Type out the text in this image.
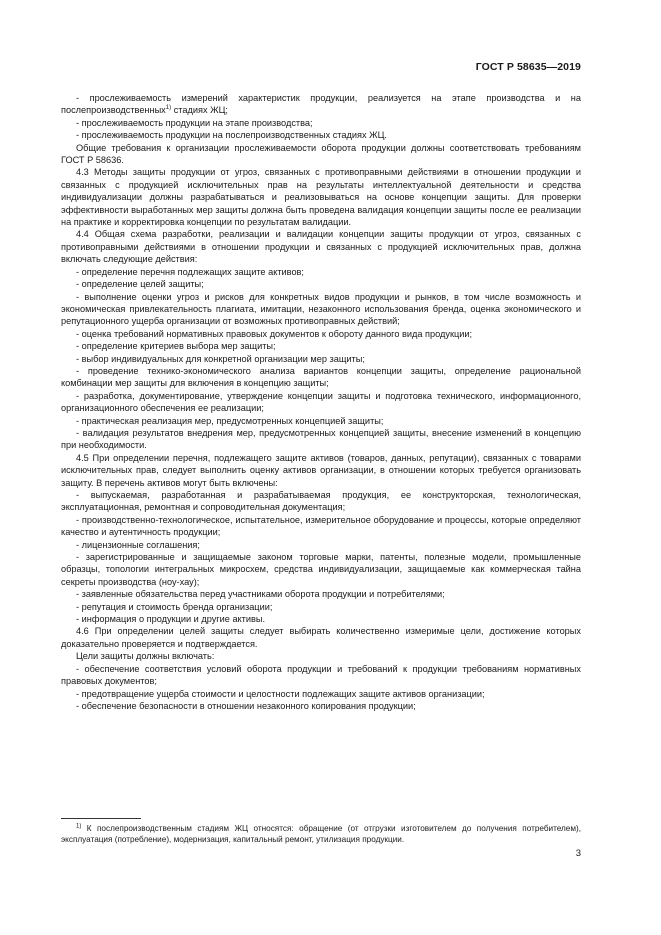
ГОСТ Р 58635—2019

- прослеживаемость измерений характеристик продукции, реализуется на этапе производства и на послепроизводственных$^{1)}$ стадиях ЖЦ;

- прослеживаемость продукции на этапе производства;

- прослеживаемость продукции на послепроизводственных стадиях ЖЦ.

Общие требования к организации прослеживаемости оборота продукции должны соответствовать требованиям ГОСТ Р 58636.

4.3 Методы защиты продукции от угроз, связанных с противоправными действиями в отношении продукции и связанных с продукцией исключительных прав на результаты интеллектуальной деятельности и средства индивидуализации должны разрабатываться и реализовываться на основе концепции защиты. Для проверки эффективности выработанных мер защиты должна быть проведена валидация концепции защиты после ее реализации на практике и корректировка концепции по результатам валидации.

4.4 Общая схема разработки, реализации и валидации концепции защиты продукции от угроз, связанных с противоправными действиями в отношении продукции и связанных с продукцией исключительных прав, должна включать следующие действия:

- определение перечня подлежащих защите активов;

- определение целей защиты;

- выполнение оценки угроз и рисков для конкретных видов продукции и рынков, в том числе возможность и экономическая привлекательность плагиата, имитации, незаконного использования бренда, оценка экономического и репутационного ущерба организации от возможных противоправных действий;

- оценка требований нормативных правовых документов к обороту данного вида продукции;

- определение критериев выбора мер защиты;

- выбор индивидуальных для конкретной организации мер защиты;

- проведение технико-экономического анализа вариантов концепции защиты, определение рациональной комбинации мер защиты для включения в концепцию защиты;

- разработка, документирование, утверждение концепции защиты и подготовка технического, информационного, организационного обеспечения ее реализации;

- практическая реализация мер, предусмотренных концепцией защиты;

- валидация результатов внедрения мер, предусмотренных концепцией защиты, внесение изменений в концепцию при необходимости.

4.5 При определении перечня, подлежащего защите активов (товаров, данных, репутации), связанных с товарами исключительных прав, следует выполнить оценку активов организации, в отношении которых требуется организовать защиту. В перечень активов могут быть включены:

- выпускаемая, разработанная и разрабатываемая продукция, ее конструкторская, технологическая, эксплуатационная, ремонтная и сопроводительная документация;

- производственно-технологическое, испытательное, измерительное оборудование и процессы, которые определяют качество и аутентичность продукции;

- лицензионные соглашения;

- зарегистрированные и защищаемые законом торговые марки, патенты, полезные модели, промышленные образцы, топологии интегральных микросхем, средства индивидуализации, защищаемые как коммерческая тайна секреты производства (ноу-хау);

- заявленные обязательства перед участниками оборота продукции и потребителями;

- репутация и стоимость бренда организации;

- информация о продукции и другие активы.

4.6 При определении целей защиты следует выбирать количественно измеримые цели, достижение которых доказательно проверяется и подтверждается.

Цели защиты должны включать:

- обеспечение соответствия условий оборота продукции и требований к продукции требованиям нормативных правовых документов;

- предотвращение ущерба стоимости и целостности подлежащих защите активов организации;

- обеспечение безопасности в отношении незаконного копирования продукции;

$^{1)}$ К послепроизводственным стадиям ЖЦ относятся: обращение (от отгрузки изготовителем до получения потребителем), эксплуатация (потребление), модернизация, капитальный ремонт, утилизация продукции.
3
